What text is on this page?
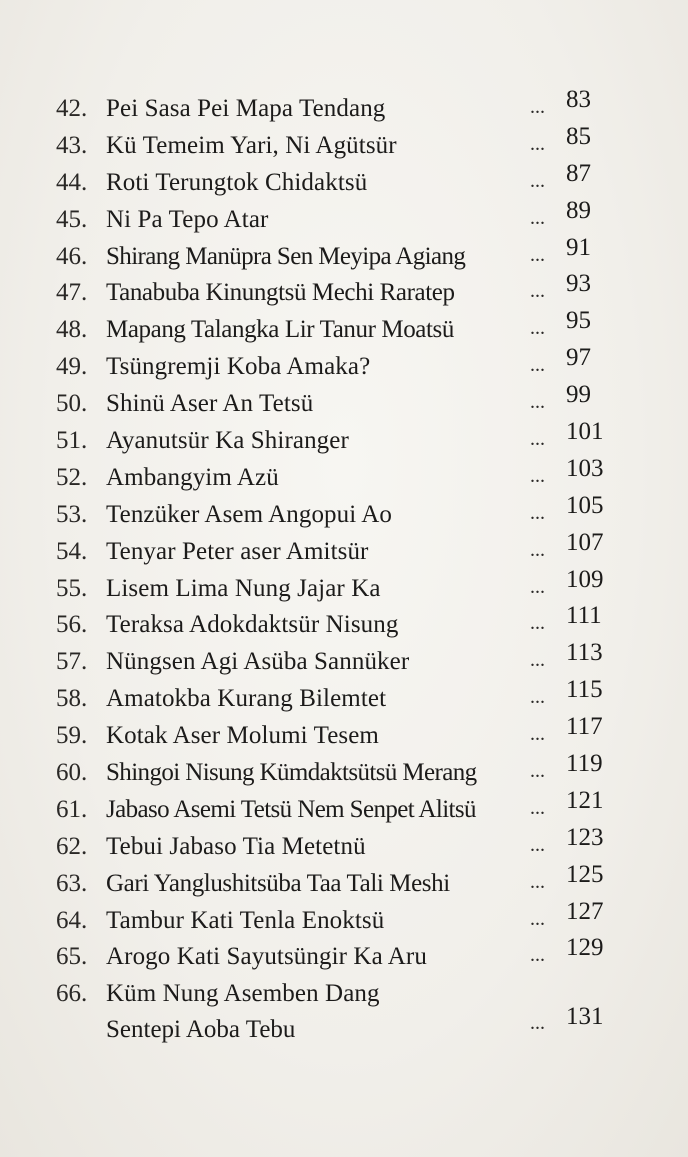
42. Pei Sasa Pei Mapa Tendang	... 83
43. Kü Temeim Yari, Ni Agütsür	... 85
44. Roti Terungtok Chidaktsü	... 87
45. Ni Pa Tepo Atar	... 89
46. Shirang Manüpra Sen Meyipa Agiang	... 91
47. Tanabuba Kinungtsü Mechi Raratep	... 93
48. Mapang Talangka Lir Tanur Moatsü	... 95
49. Tsüngremji Koba Amaka?	... 97
50. Shinü Aser An Tetsü	... 99
51. Ayanutsür Ka Shiranger	... 101
52. Ambangyim Azü	... 103
53. Tenzüker Asem Angopui Ao	... 105
54. Tenyar Peter aser Amitsür	... 107
55. Lisem Lima Nung Jajar Ka	... 109
56. Teraksa Adokdaktsür Nisung	... 111
57. Nüngsen Agi Asüba Sannüker	... 113
58. Amatokba Kurang Bilemtet	... 115
59. Kotak Aser Molumi Tesem	... 117
60. Shingoi Nisung Kümdaktsütsü Merang	... 119
61. Jabaso Asemi Tetsü Nem Senpet Alitsü	... 121
62. Tebui Jabaso Tia Metetnü	... 123
63. Gari Yanglushitsüba Taa Tali Meshi	... 125
64. Tambur Kati Tenla Enoktsü	... 127
65. Arogo Kati Sayutsüngir Ka Aru	... 129
66. Küm Nung Asemben Dang
Sentepi Aoba Tebu	... 131
